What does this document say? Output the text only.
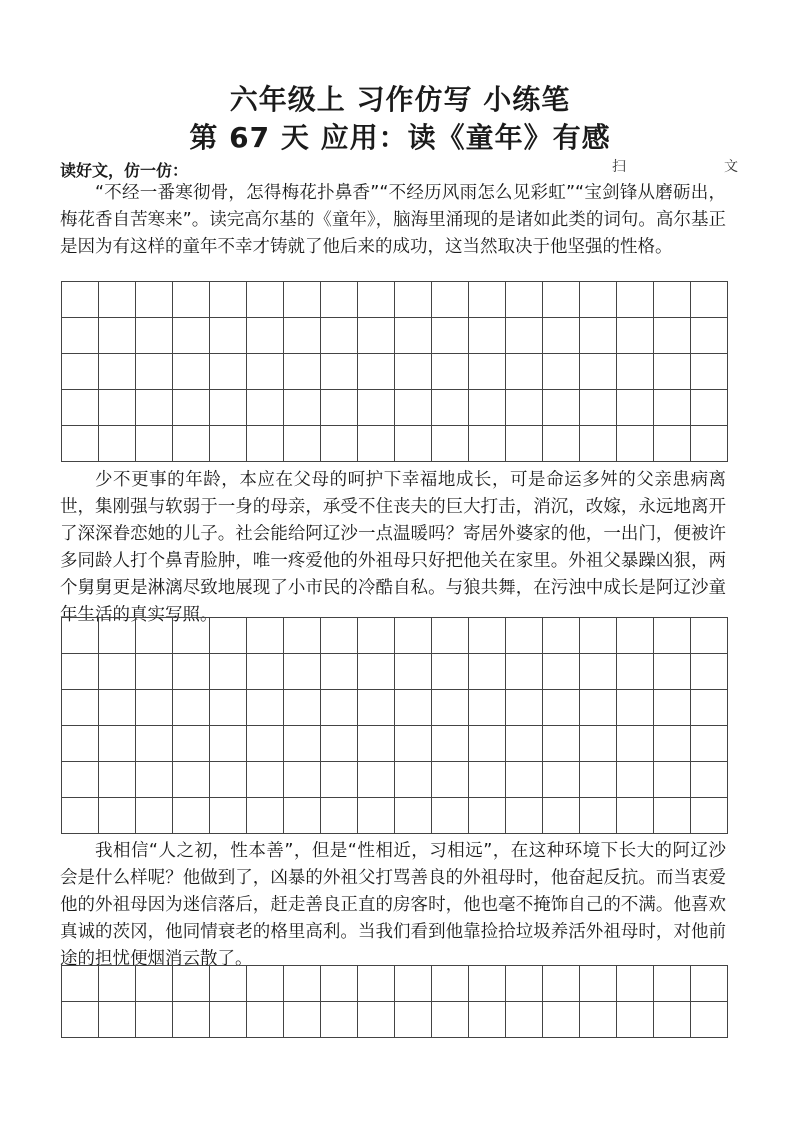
六年级上 习作仿写 小练笔
第 67 天 应用：读《童年》有感

读好文，仿一仿：	扫	文

“不经一番寒彻骨，怎得梅花扑鼻香”“不经历风雨怎么见彩虹”“宝剑锋从磨砺出，梅花香自苦寒来”。读完高尔基的《童年》，脑海里涌现的是诸如此类的词句。高尔基正是因为有这样的童年不幸才铸就了他后来的成功，这当然取决于他坚强的性格。

少不更事的年龄，本应在父母的呵护下幸福地成长，可是命运多舛的父亲患病离世，集刚强与软弱于一身的母亲，承受不住丧夫的巨大打击，消沉，改嫁，永远地离开了深深眷恋她的儿子。社会能给阿辽沙一点温暖吗？寄居外婆家的他，一出门，便被许多同龄人打个鼻青脸肿，唯一疼爱他的外祖母只好把他关在家里。外祖父暴躁凶狠，两个舅舅更是淋漓尽致地展现了小市民的冷酷自私。与狼共舞，在污浊中成长是阿辽沙童年生活的真实写照。

我相信“人之初，性本善”，但是“性相近，习相远”，在这种环境下长大的阿辽沙会是什么样呢？他做到了，凶暴的外祖父打骂善良的外祖母时，他奋起反抗。而当衷爱他的外祖母因为迷信落后，赶走善良正直的房客时，他也毫不掩饰自己的不满。他喜欢真诚的茨冈，他同情衰老的格里高利。当我们看到他靠捡拾垃圾养活外祖母时，对他前途的担忧便烟消云散了。
